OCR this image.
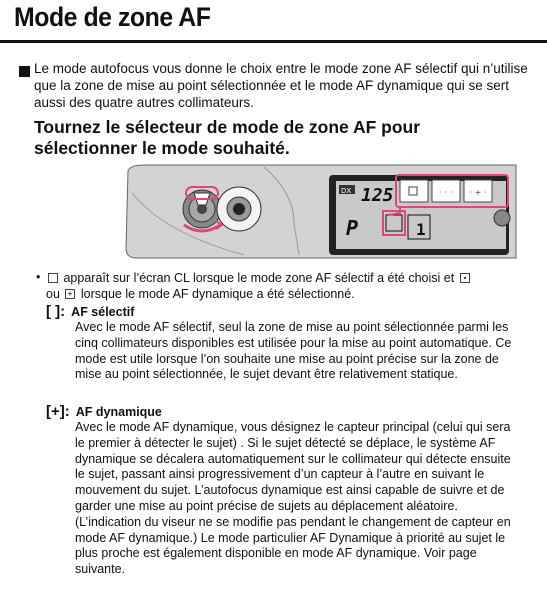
Mode de zone AF
Le mode autofocus vous donne le choix entre le mode zone AF sélectif qui n’utilise que la zone de mise au point sélectionnée et le mode AF dynamique qui se sert aussi des quatre autres collimateurs.
Tournez le sélecteur de mode de zone AF pour sélectionner le mode souhaité.
DX 125
P	1
· · · · + ·
•	apparaît sur l’écran CL lorsque le mode zone AF sélectif a été choisi et
ou + lorsque le mode AF dynamique a été sélectionné.
[ ]: AF sélectif
Avec le mode AF sélectif, seul la zone de mise au point sélectionnée parmi les cinq collimateurs disponibles est utilisée pour la mise au point automatique. Ce mode est utile lorsque l’on souhaite une mise au point précise sur la zone de mise au point sélectionnée, le sujet devant être relativement statique.
[+]: AF dynamique
Avec le mode AF dynamique, vous désignez le capteur principal (celui qui sera le premier à détecter le sujet) . Si le sujet détecté se déplace, le système AF dynamique se décalera automatiquement sur le collimateur qui détecte ensuite le sujet, passant ainsi progressivement d’un capteur à l’autre en suivant le mouvement du sujet. L’autofocus dynamique est ainsi capable de suivre et de garder une mise au point précise de sujets au déplacement aléatoire. (L’indication du viseur ne se modifie pas pendant le changement de capteur en mode AF dynamique.) Le mode particulier AF Dynamique à priorité au sujet le plus proche est également disponible en mode AF dynamique. Voir page suivante.
